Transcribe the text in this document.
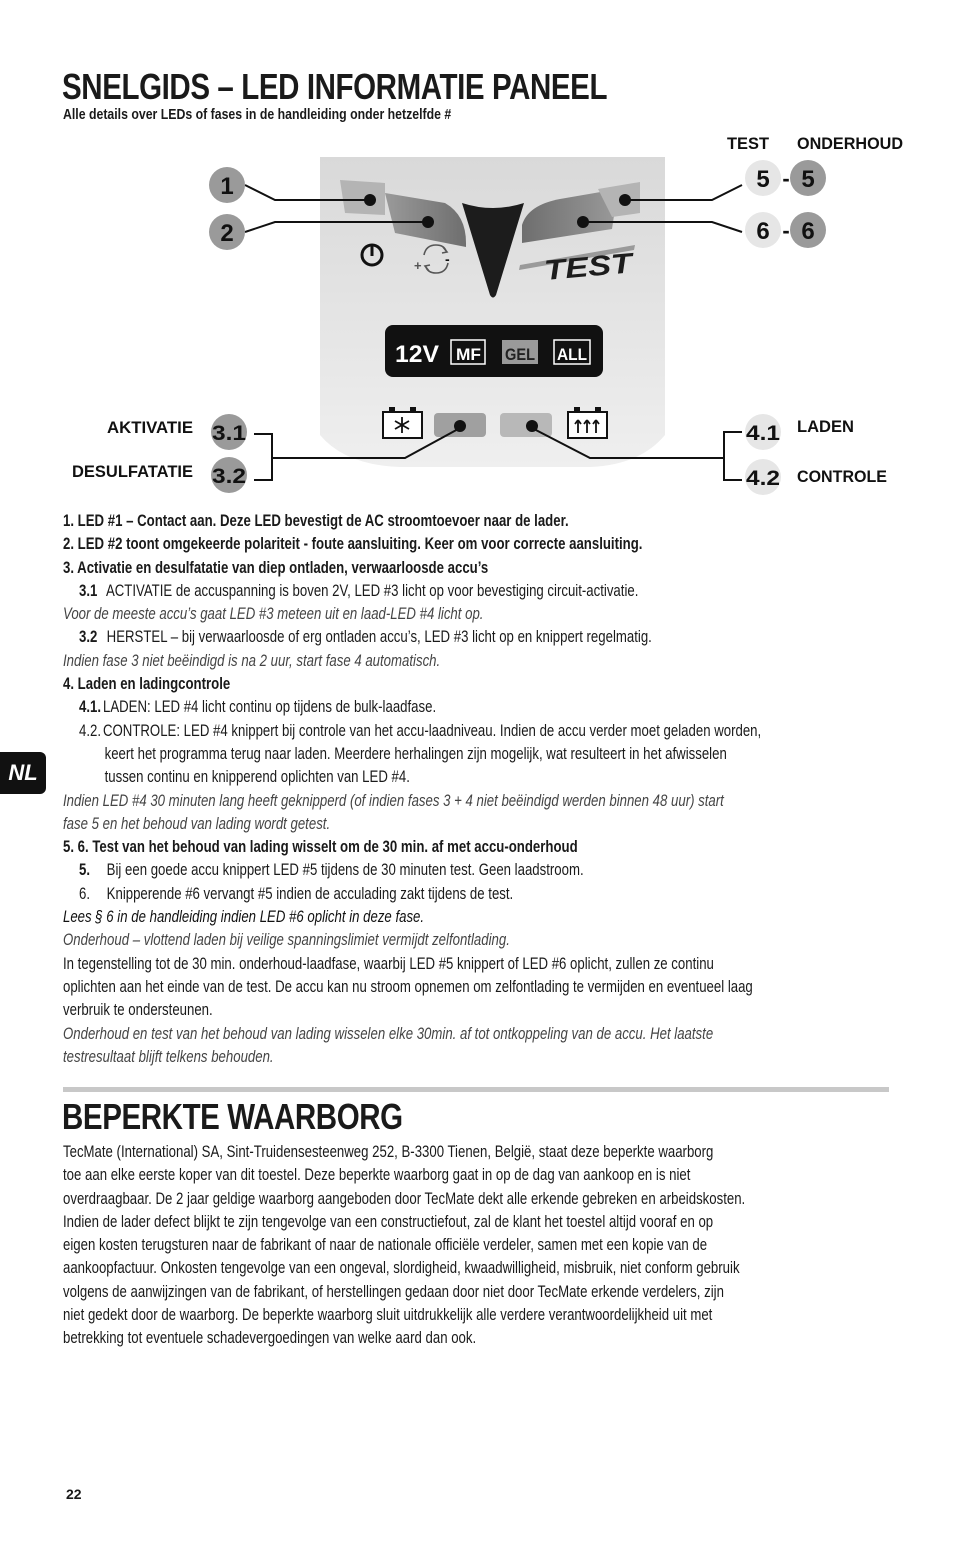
SNELGIDS – LED INFORMATIE PANEEL
Alle details over LEDs of fases in de handleiding onder hetzelfde #
+ -	TEST
12V MF GEL ALL
1
2
5 - 5
6 - 6
3.1
3.2
4.1
4.2
TEST ONDERHOUD
AKTIVATIE
DESULFATATIE
LADEN
CONTROLE

1. LED #1 – Contact aan. Deze LED bevestigt de AC stroomtoevoer naar de lader.

2. LED #2 toont omgekeerde polariteit - foute aansluiting. Keer om voor correcte aansluiting.

3. Activatie en desulfatatie van diep ontladen, verwaarloosde accu’s

3.1 ACTIVATIE de accuspanning is boven 2V, LED #3 licht op voor bevestiging circuit-activatie.

Voor de meeste accu’s gaat LED #3 meteen uit en laad-LED #4 licht op.

3.2 HERSTEL – bij verwaarloosde of erg ontladen accu’s, LED #3 licht op en knippert regelmatig.

Indien fase 3 niet beëindigd is na 2 uur, start fase 4 automatisch.

4. Laden en ladingcontrole

4.1. LADEN: LED #4 licht continu op tijdens de bulk-laadfase.

4.2. CONTROLE: LED #4 knippert bij controle van het accu-laadniveau. Indien de accu verder moet geladen worden,

keert het programma terug naar laden. Meerdere herhalingen zijn mogelijk, wat resulteert in het afwisselen

tussen continu en knipperend oplichten van LED #4.

Indien LED #4 30 minuten lang heeft geknipperd (of indien fases 3 + 4 niet beëindigd werden binnen 48 uur) start

fase 5 en het behoud van lading wordt getest.

5. 6. Test van het behoud van lading wisselt om de 30 min. af met accu-onderhoud

5. Bij een goede accu knippert LED #5 tijdens de 30 minuten test. Geen laadstroom.

6. Knipperende #6 vervangt #5 indien de acculading zakt tijdens de test.

Lees § 6 in de handleiding indien LED #6 oplicht in deze fase.

Onderhoud – vlottend laden bij veilige spanningslimiet vermijdt zelfontlading.

In tegenstelling tot de 30 min. onderhoud-laadfase, waarbij LED #5 knippert of LED #6 oplicht, zullen ze continu

oplichten aan het einde van de test. De accu kan nu stroom opnemen om zelfontlading te vermijden en eventueel laag

verbruik te ondersteunen.

Onderhoud en test van het behoud van lading wisselen elke 30min. af tot ontkoppeling van de accu. Het laatste

testresultaat blijft telkens behouden.

BEPERKTE WAARBORG

TecMate (International) SA, Sint-Truidensesteenweg 252, B-3300 Tienen, België, staat deze beperkte waarborg

toe aan elke eerste koper van dit toestel. Deze beperkte waarborg gaat in op de dag van aankoop en is niet

overdraagbaar. De 2 jaar geldige waarborg aangeboden door TecMate dekt alle erkende gebreken en arbeidskosten.

Indien de lader defect blijkt te zijn tengevolge van een constructiefout, zal de klant het toestel altijd vooraf en op

eigen kosten terugsturen naar de fabrikant of naar de nationale officiële verdeler, samen met een kopie van de

aankoopfactuur. Onkosten tengevolge van een ongeval, slordigheid, kwaadwilligheid, misbruik, niet conform gebruik

volgens de aanwijzingen van de fabrikant, of herstellingen gedaan door niet door TecMate erkende verdelers, zijn

niet gedekt door de waarborg. De beperkte waarborg sluit uitdrukkelijk alle verdere verantwoordelijkheid uit met

betrekking tot eventuele schadevergoedingen van welke aard dan ook.

NL
22
